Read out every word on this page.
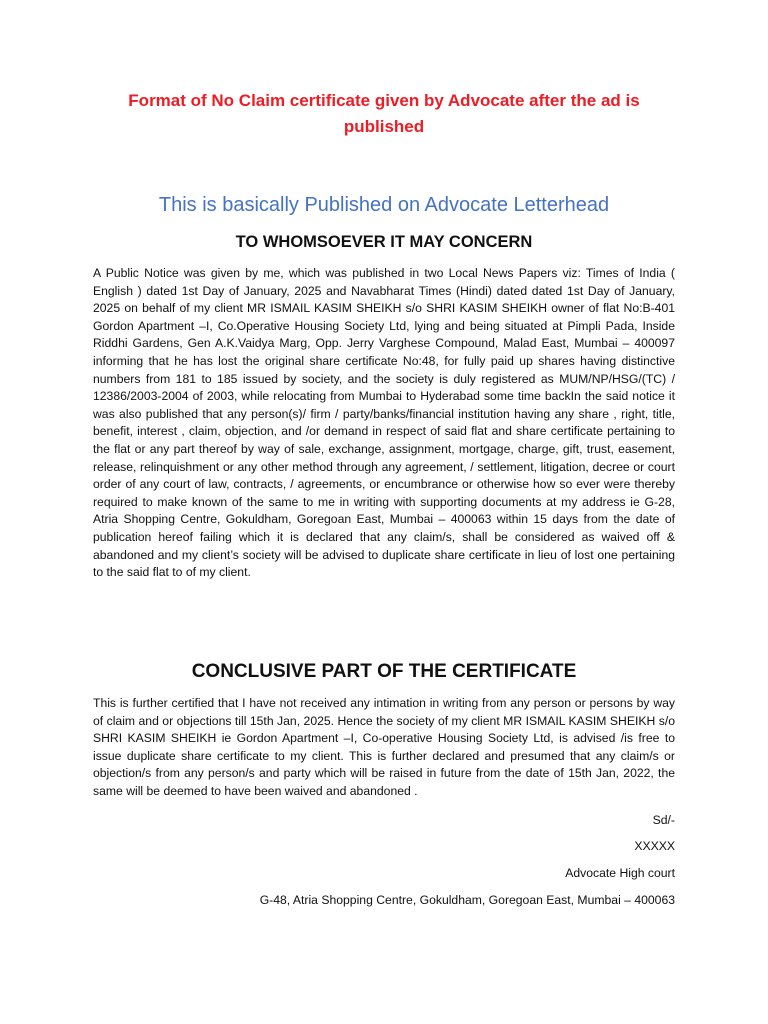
Format of No Claim certificate given by Advocate after the ad is published
This is basically Published on Advocate Letterhead
TO WHOMSOEVER IT MAY CONCERN
A Public Notice was given by me, which was published in two Local News Papers viz: Times of India ( English ) dated 1st Day of January, 2025 and Navabharat Times (Hindi) dated dated 1st Day of January, 2025 on behalf of my client MR ISMAIL KASIM SHEIKH s/o SHRI KASIM SHEIKH owner of flat No:B-401 Gordon Apartment –I, Co.Operative Housing Society Ltd, lying and being situated at Pimpli Pada, Inside Riddhi Gardens, Gen A.K.Vaidya Marg, Opp. Jerry Varghese Compound, Malad East, Mumbai – 400097 informing that he has lost the original share certificate No:48, for fully paid up shares having distinctive numbers from 181 to 185 issued by society, and the society is duly registered as MUM/NP/HSG/(TC) / 12386/2003-2004 of 2003, while relocating from Mumbai to Hyderabad some time backIn the said notice it was also published that any person(s)/ firm / party/banks/financial institution having any share , right, title, benefit, interest , claim, objection, and /or demand in respect of said flat and share certificate pertaining to the flat or any part thereof by way of sale, exchange, assignment, mortgage, charge, gift, trust, easement, release, relinquishment or any other method through any agreement, / settlement, litigation, decree or court order of any court of law, contracts, / agreements, or encumbrance or otherwise how so ever were thereby required to make known of the same to me in writing with supporting documents at my address ie G-28, Atria Shopping Centre, Gokuldham, Goregoan East, Mumbai – 400063 within 15 days from the date of publication hereof failing which it is declared that any claim/s, shall be considered as waived off & abandoned and my client’s society will be advised to duplicate share certificate in lieu of lost one pertaining to the said flat to of my client.
CONCLUSIVE PART OF THE CERTIFICATE
This is further certified that I have not received any intimation in writing from any person or persons by way of claim and or objections till 15th Jan, 2025. Hence the society of my client MR ISMAIL KASIM SHEIKH s/o SHRI KASIM SHEIKH ie Gordon Apartment –I, Co-operative Housing Society Ltd, is advised /is free to issue duplicate share certificate to my client. This is further declared and presumed that any claim/s or objection/s from any person/s and party which will be raised in future from the date of 15th Jan, 2022, the same will be deemed to have been waived and abandoned .
Sd/-
XXXXX
Advocate High court
G-48, Atria Shopping Centre, Gokuldham, Goregoan East, Mumbai – 400063
